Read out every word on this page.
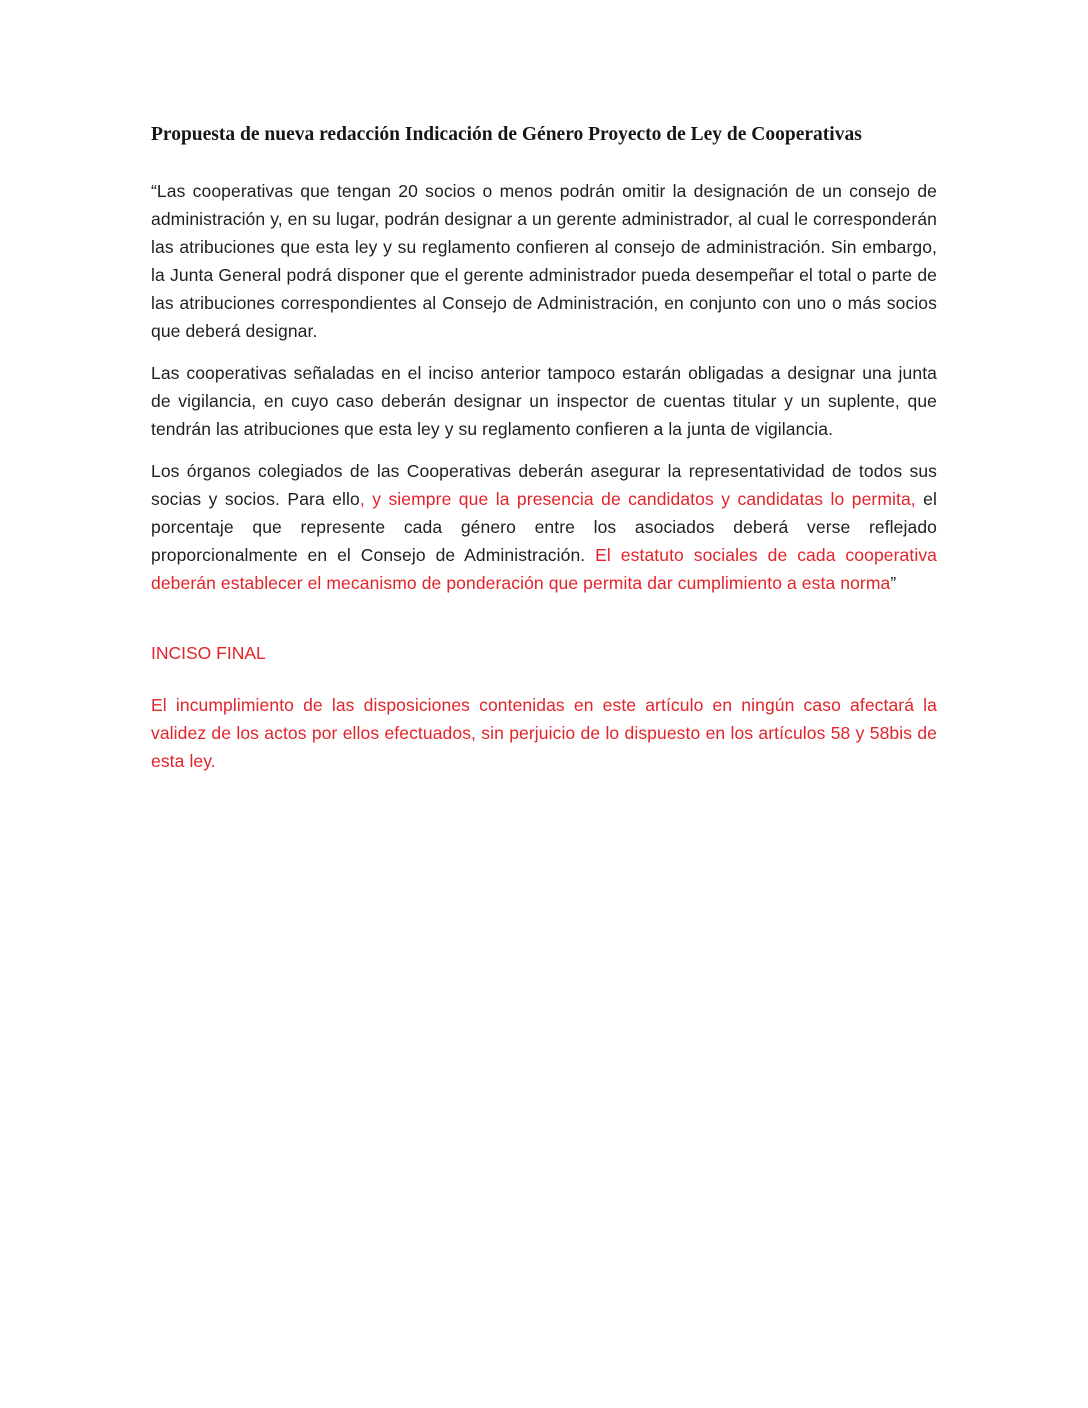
Propuesta de nueva redacción Indicación de Género Proyecto de Ley de Cooperativas

“Las cooperativas que tengan 20 socios o menos podrán omitir la designación de un consejo de administración y, en su lugar, podrán designar a un gerente administrador, al cual le corresponderán las atribuciones que esta ley y su reglamento confieren al consejo de administración. Sin embargo, la Junta General podrá disponer que el gerente administrador pueda desempeñar el total o parte de las atribuciones correspondientes al Consejo de Administración, en conjunto con uno o más socios que deberá designar.

Las cooperativas señaladas en el inciso anterior tampoco estarán obligadas a designar una junta de vigilancia, en cuyo caso deberán designar un inspector de cuentas titular y un suplente, que tendrán las atribuciones que esta ley y su reglamento confieren a la junta de vigilancia.

Los órganos colegiados de las Cooperativas deberán asegurar la representatividad de todos sus socias y socios. Para ello, y siempre que la presencia de candidatos y candidatas lo permita, el porcentaje que represente cada género entre los asociados deberá verse reflejado proporcionalmente en el Consejo de Administración. El estatuto sociales de cada cooperativa deberán establecer el mecanismo de ponderación que permita dar cumplimiento a esta norma”

INCISO FINAL

El incumplimiento de las disposiciones contenidas en este artículo en ningún caso afectará la validez de los actos por ellos efectuados, sin perjuicio de lo dispuesto en los artículos 58 y 58bis de esta ley.
